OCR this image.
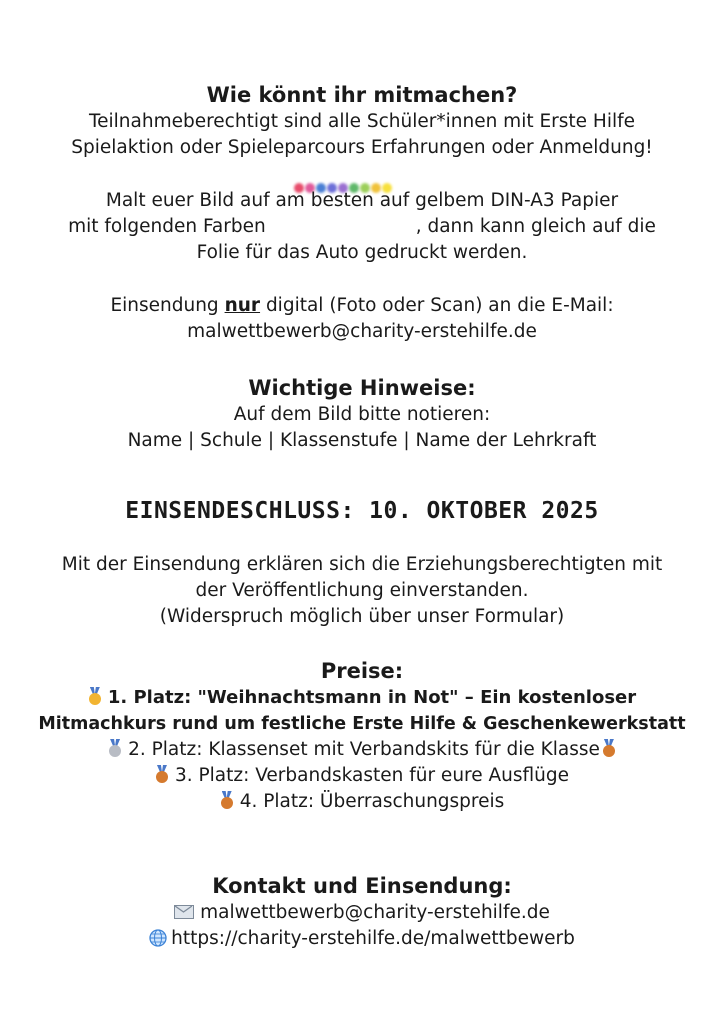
Wie könnt ihr mitmachen?
Teilnahmeberechtigt sind alle Schüler*innen mit Erste Hilfe
Spielaktion oder Spieleparcours Erfahrungen oder Anmeldung!
Malt euer Bild auf am besten auf gelbem DIN-A3 Papier
mit folgenden Farben	, dann kann gleich auf die
Folie für das Auto gedruckt werden.
Einsendung nur digital (Foto oder Scan) an die E-Mail:
malwettbewerb@charity-erstehilfe.de
Wichtige Hinweise:
Auf dem Bild bitte notieren:
Name | Schule | Klassenstufe | Name der Lehrkraft
EINSENDESCHLUSS: 10. OKTOBER 2025
Mit der Einsendung erklären sich die Erziehungsberechtigten mit
der Veröffentlichung einverstanden.
(Widerspruch möglich über unser Formular)
Preise:
1. Platz: "Weihnachtsmann in Not" – Ein kostenloser
Mitmachkurs rund um festliche Erste Hilfe & Geschenkewerkstatt
2. Platz: Klassenset mit Verbandskits für die Klasse
3. Platz: Verbandskasten für eure Ausflüge
4. Platz: Überraschungspreis
Kontakt und Einsendung:
malwettbewerb@charity-erstehilfe.de
https://charity-erstehilfe.de/malwettbewerb
